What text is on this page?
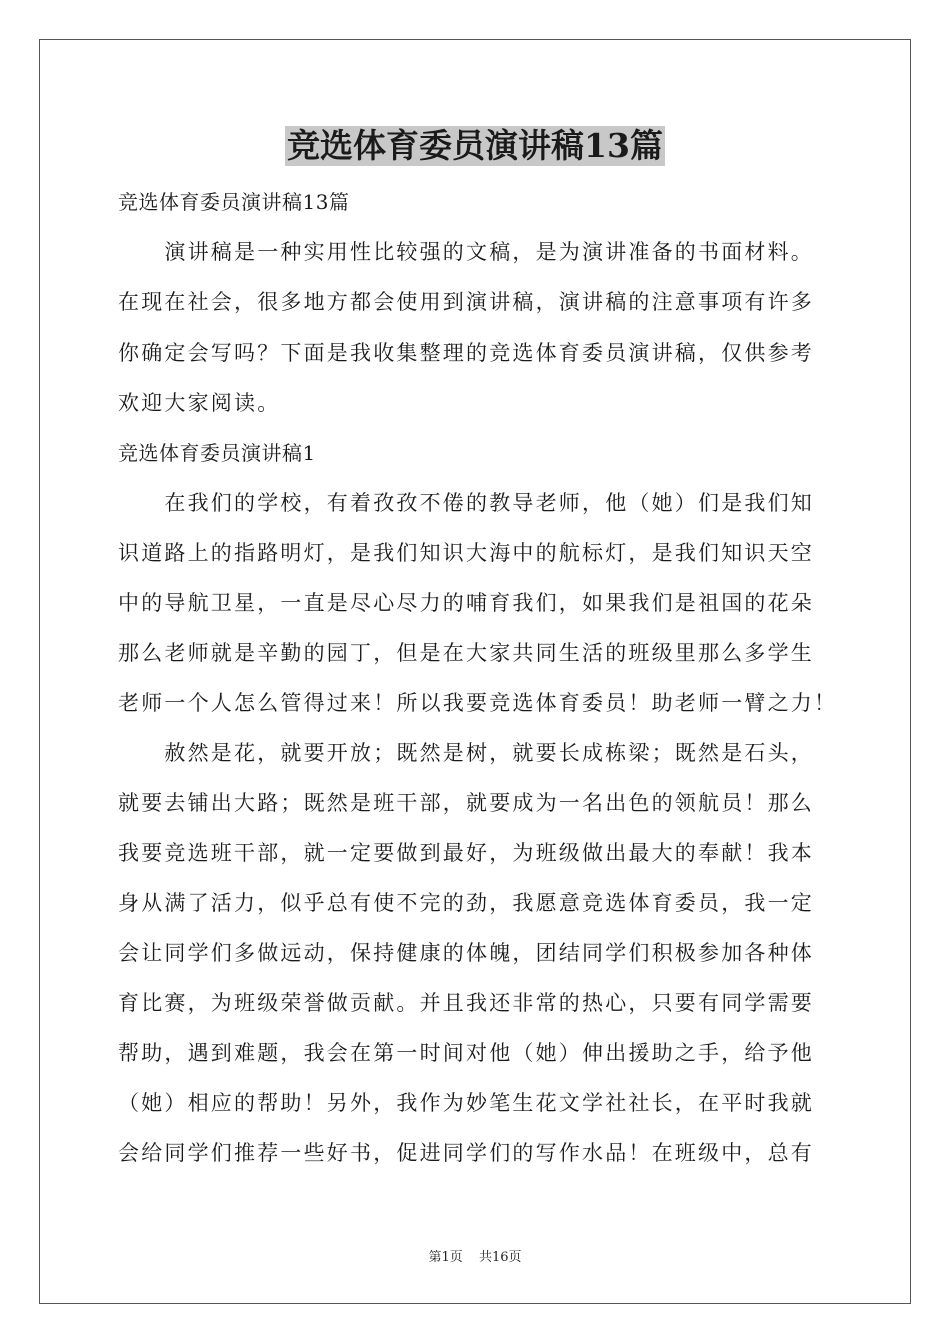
竞选体育委员演讲稿13篇
竞选体育委员演讲稿13篇
　　演讲稿是一种实用性比较强的文稿，是为演讲准备的书面材料。
在现在社会，很多地方都会使用到演讲稿，演讲稿的注意事项有许多
你确定会写吗？下面是我收集整理的竞选体育委员演讲稿，仅供参考
欢迎大家阅读。
竞选体育委员演讲稿1
　　在我们的学校，有着孜孜不倦的教导老师，他（她）们是我们知
识道路上的指路明灯，是我们知识大海中的航标灯，是我们知识天空
中的导航卫星，一直是尽心尽力的哺育我们，如果我们是祖国的花朵
那么老师就是辛勤的园丁，但是在大家共同生活的班级里那么多学生
老师一个人怎么管得过来！所以我要竞选体育委员！助老师一臂之力！
　　赦然是花，就要开放；既然是树，就要长成栋梁；既然是石头，
就要去铺出大路；既然是班干部，就要成为一名出色的领航员！那么
我要竞选班干部，就一定要做到最好，为班级做出最大的奉献！我本
身从满了活力，似乎总有使不完的劲，我愿意竞选体育委员，我一定
会让同学们多做远动，保持健康的体魄，团结同学们积极参加各种体
育比赛，为班级荣誉做贡献。并且我还非常的热心，只要有同学需要
帮助，遇到难题，我会在第一时间对他（她）伸出援助之手，给予他
（她）相应的帮助！另外，我作为妙笔生花文学社社长，在平时我就
会给同学们推荐一些好书，促进同学们的写作水品！在班级中，总有
第1页 共16页
